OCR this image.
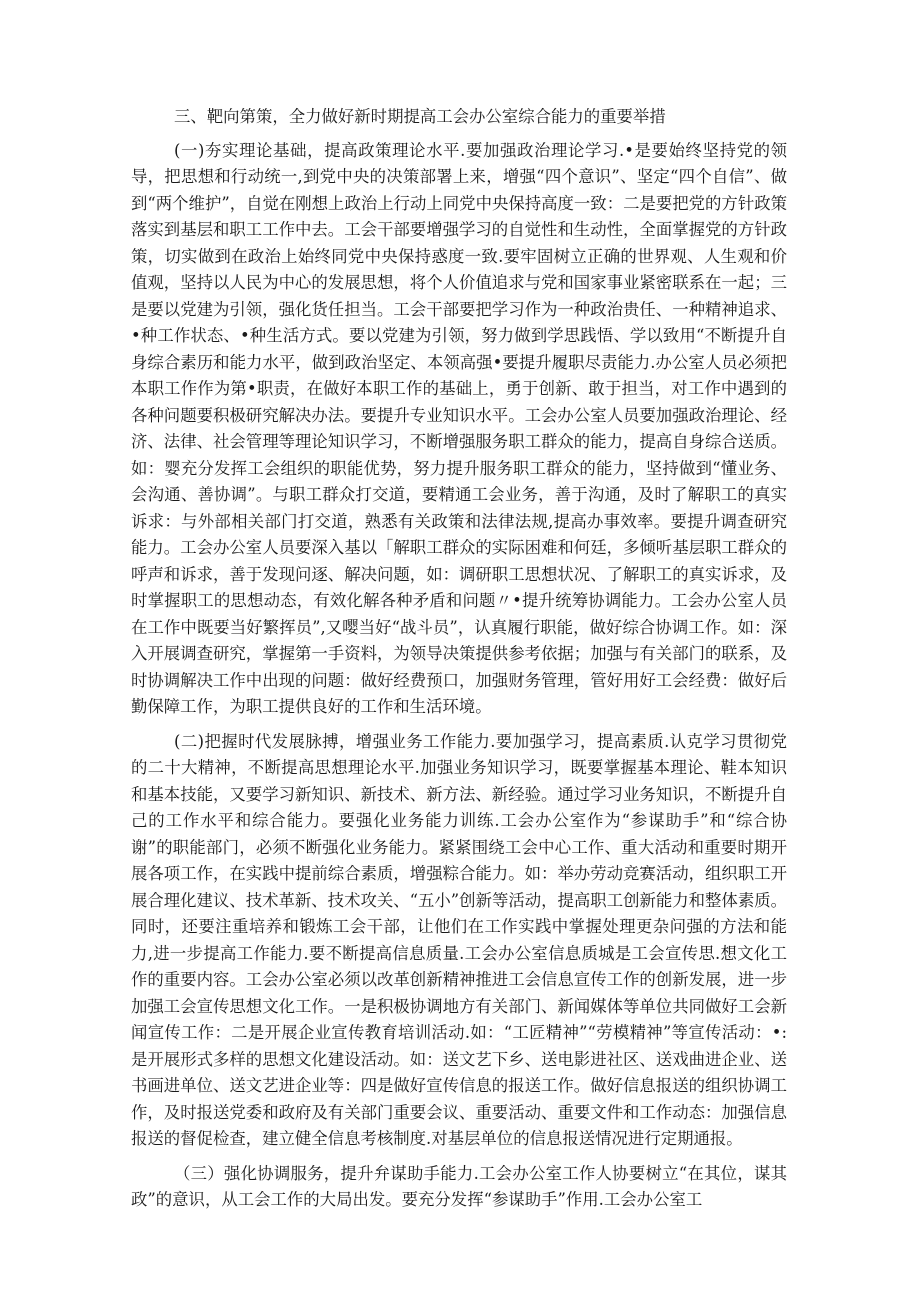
三、靶向第策，全力做好新时期提高工会办公室综合能力的重要举措

(一)夯实理论基础，提高政策理论水平.要加强政治理论学习.•是要始终坚持党的领导，把思想和行动统一,到党中央的决策部署上来，增强“四个意识”、坚定“四个自信”、做到“两个维护”，自觉在刚想上政治上行动上同党中央保持高度一致：二是要把党的方针政策落实到基层和职工工作中去。工会干部要增强学习的自觉性和生动性，全面掌握党的方针政策，切实做到在政治上始终同党中央保持惑度一致.要牢固树立正确的世界观、人生观和价值观，坚持以人民为中心的发展思想，将个人价值追求与党和国家事业紧密联系在一起；三是要以党建为引领，强化货任担当。工会干部要把学习作为一种政治贵任、一种精神追求、•种工作状态、•种生活方式。要以党建为引领，努力做到学思践悟、学以致用“不断提升自身综合素历和能力水平，做到政治坚定、本领高强•要提升履职尽责能力.办公室人员必须把本职工作作为第•职责，在做好本职工作的基础上，勇于创新、敢于担当，对工作中遇到的各种问题要积极研究解决办法。要提升专业知识水平。工会办公室人员要加强政治理论、经济、法律、社会管理等理论知识学习，不断增强服务职工群众的能力，提高自身综合送质。如：婴充分发挥工会组织的职能优势，努力提升服务职工群众的能力，坚持做到“懂业务、会沟通、善协调”。与职工群众打交道，要精通工会业务，善于沟通，及时了解职工的真实诉求：与外部相关部门打交道，熟悉有关政策和法律法规,提高办事效率。要提升调查研究能力。工会办公室人员要深入基以「解职工群众的实际困难和何廷，多倾听基层职工群众的呼声和诉求，善于发现问逐、解决问题，如：调研职工思想状况、了解职工的真实诉求，及时掌握职工的思想动态，有效化解各种矛盾和问题〃•提升统筹协调能力。工会办公室人员在工作中既要当好繁挥员”,又嘤当好“战斗员”，认真履行职能，做好综合协调工作。如：深入开展调查研究，掌握第一手资料，为领导决策提供参考依据；加强与有关部门的联系，及时协调解决工作中出现的问题：做好经费预口，加强财务管理，管好用好工会经费：做好后勤保障工作，为职工提供良好的工作和生活环境。

(二)把握时代发展脉搏，增强业务工作能力.要加强学习，提高素质.认克学习贯彻党的二十大精神，不断提高思想理论水平.加强业务知识学习，既要掌握基本理论、鞋本知识和基本技能，又要学习新知识、新技术、新方法、新经验。通过学习业务知识，不断提升自己的工作水平和综合能力。要强化业务能力训练.工会办公室作为“参谋助手”和“综合协谢”的职能部门，必须不断强化业务能力。紧紧围绕工会中心工作、重大活动和重要时期开展各项工作，在实践中提前综合素质，增强粽合能力。如：举办劳动竞赛活动，组织职工开展合理化建议、技术革新、技术攻关、“五小”创新等活动，提高职工创新能力和整体素质。同时，还要注重培养和锻炼工会干部，让他们在工作实践中掌握处理更杂问强的方法和能力,进一步提高工作能力.要不断提高信息质量.工会办公室信息质城是工会宣传思.想文化工作的重要内容。工会办公室必须以改革创新精神推进工会信息宣传工作的创新发展，进一步加强工会宣传思想文化工作。一是积极协调地方有关部门、新闻媒体等单位共同做好工会新闻宣传工作：二是开展企业宣传教育培训活动.如：“工匠精神”“劳模精神”等宣传活动：•:是开展形式多样的思想文化建设活动。如：送文艺下乡、送电影进社区、送戏曲进企业、送书画进单位、送文艺进企业等：四是做好宣传信息的报送工作。做好信息报送的组织协调工作，及时报送党委和政府及有关部门重要会议、重要活动、重要文件和工作动态：加强信息报送的督促检查，建立健全信息考核制度.对基层单位的信息报送情况进行定期通报。

（三）强化协调服务，提升弁谋助手能力.工会办公室工作人协要树立“在其位，谋其政”的意识，从工会工作的大局出发。要充分发挥“参谋助手”作用.工会办公室工
